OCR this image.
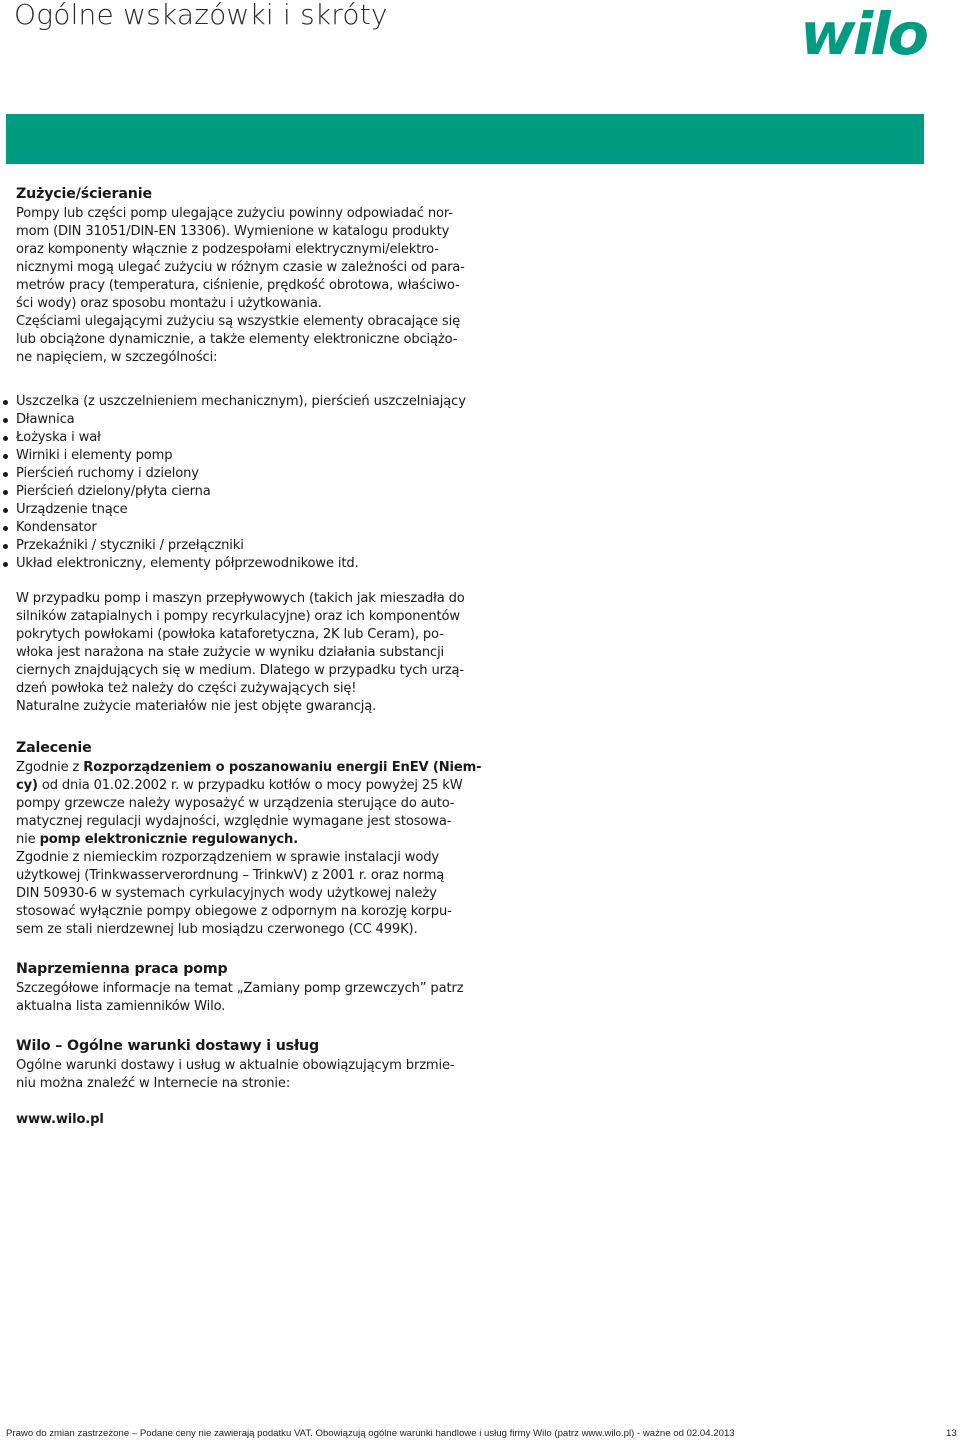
Ogólne wskazówki i skróty	wilo
Zużycie/ścieranie

Pompy lub części pomp ulegające zużyciu powinny odpowiadać nor-
mom (DIN 31051/DIN-EN 13306). Wymienione w katalogu produkty
oraz komponenty włącznie z podzespołami elektrycznymi/elektro-
nicznymi mogą ulegać zużyciu w różnym czasie w zależności od para-
metrów pracy (temperatura, ciśnienie, prędkość obrotowa, właściwo-
ści wody) oraz sposobu montażu i użytkowania.

Częściami ulegającymi zużyciu są wszystkie elementy obracające się
lub obciążone dynamicznie, a także elementy elektroniczne obciążo-
ne napięciem, w szczególności:

Uszczelka (z uszczelnieniem mechanicznym), pierścień uszczelniający
Dławnica
Łożyska i wał
Wirniki i elementy pomp
Pierścień ruchomy i dzielony
Pierścień dzielony/płyta cierna
Urządzenie tnące
Kondensator
Przekaźniki / styczniki / przełączniki
Układ elektroniczny, elementy półprzewodnikowe itd.

W przypadku pomp i maszyn przepływowych (takich jak mieszadła do
silników zatapialnych i pompy recyrkulacyjne) oraz ich komponentów
pokrytych powłokami (powłoka kataforetyczna, 2K lub Ceram), po-
włoka jest narażona na stałe zużycie w wyniku działania substancji
ciernych znajdujących się w medium. Dlatego w przypadku tych urzą-
dzeń powłoka też należy do części zużywających się!
Naturalne zużycie materiałów nie jest objęte gwarancją.

Zalecenie

Zgodnie z Rozporządzeniem o poszanowaniu energii EnEV (Niem-
cy) od dnia 01.02.2002 r. w przypadku kotłów o mocy powyżej 25 kW
pompy grzewcze należy wyposażyć w urządzenia sterujące do auto-
matycznej regulacji wydajności, względnie wymagane jest stosowa-
nie pomp elektronicznie regulowanych.
Zgodnie z niemieckim rozporządzeniem w sprawie instalacji wody
użytkowej (Trinkwasserverordnung – TrinkwV) z 2001 r. oraz normą
DIN 50930-6 w systemach cyrkulacyjnych wody użytkowej należy
stosować wyłącznie pompy obiegowe z odpornym na korozję korpu-
sem ze stali nierdzewnej lub mosiądzu czerwonego (CC 499K).

Naprzemienna praca pomp

Szczegółowe informacje na temat „Zamiany pomp grzewczych” patrz
aktualna lista zamienników Wilo.

Wilo – Ogólne warunki dostawy i usług

Ogólne warunki dostawy i usług w aktualnie obowiązującym brzmie-
niu można znaleźć w Internecie na stronie:

www.wilo.pl

Prawo do zmian zastrzeżone – Podane ceny nie zawierają podatku VAT. Obowiązują ogólne warunki handlowe i usług firmy Wilo (patrz www.wilo.pl) - ważne od 02.04.2013	13
